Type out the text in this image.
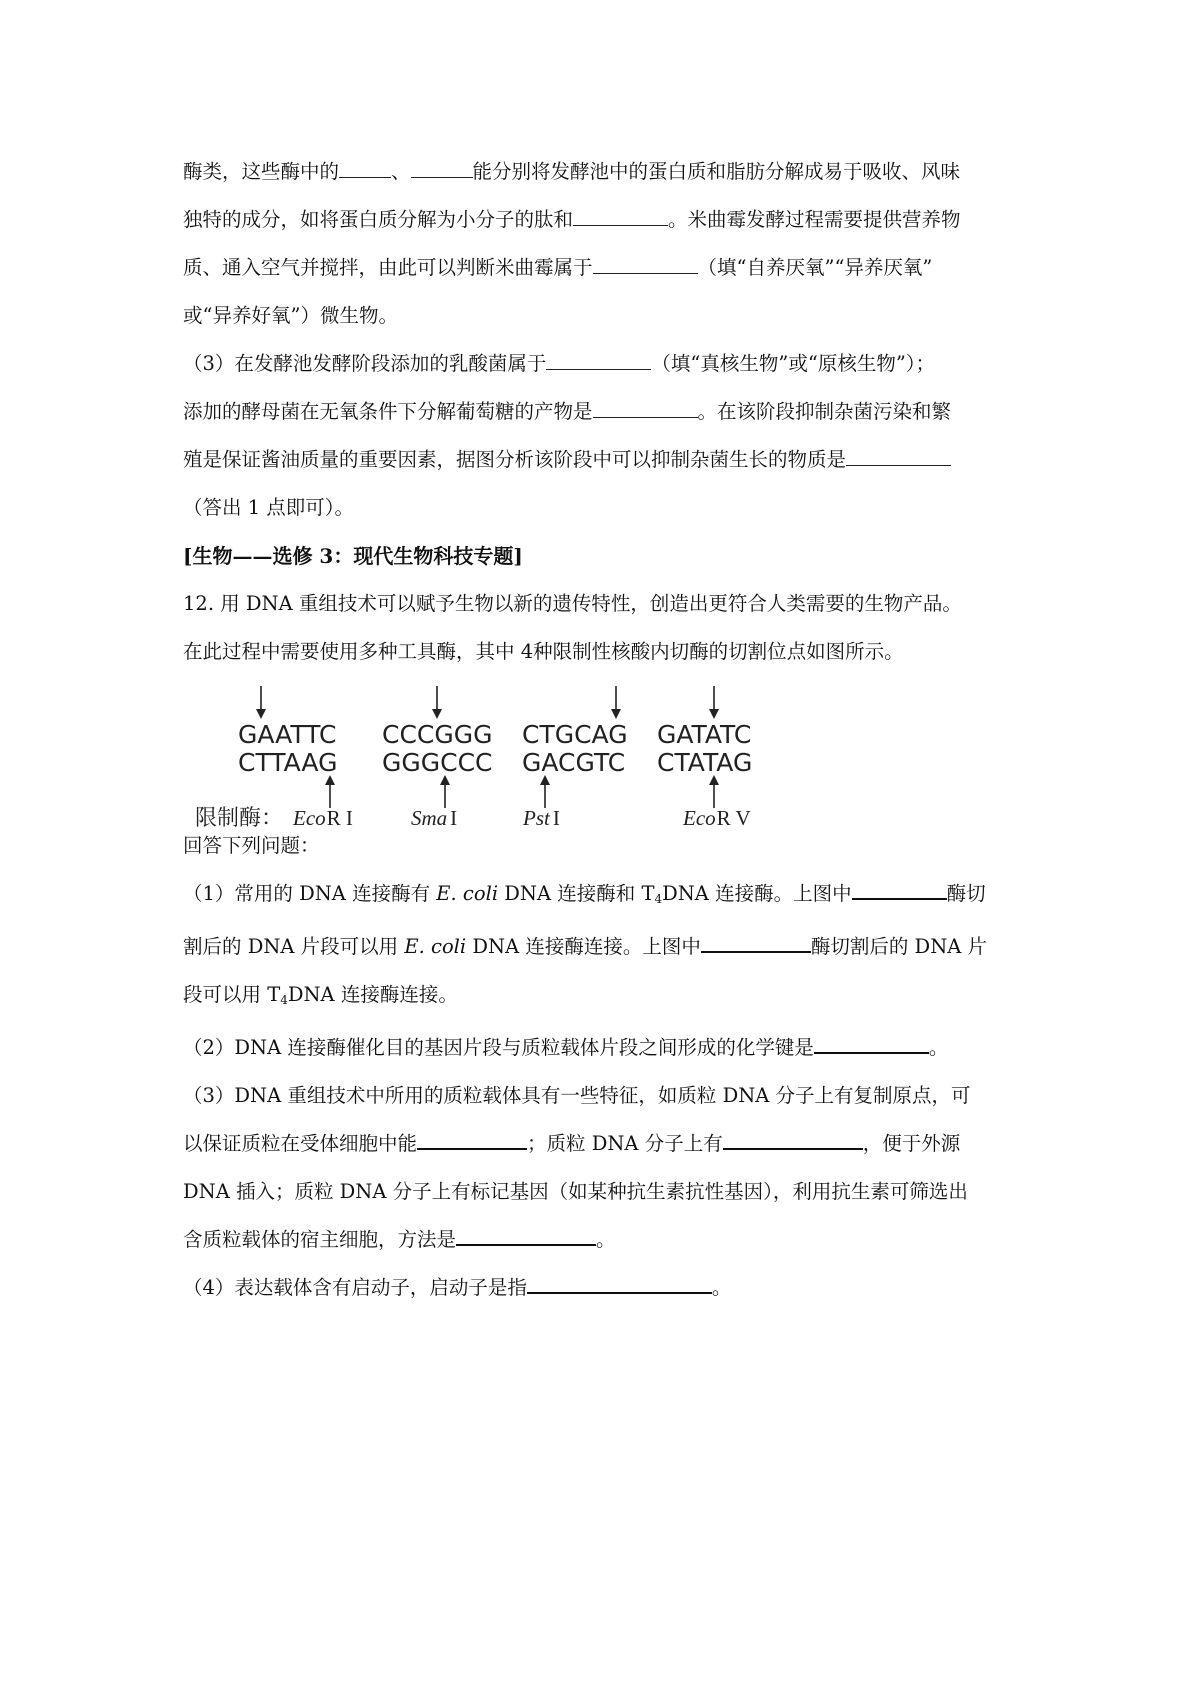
酶类，这些酶中的	、	能分别将发酵池中的蛋白质和脂肪分解成易于吸收、风味

独特的成分，如将蛋白质分解为小分子的肽和	。米曲霉发酵过程需要提供营养物

质、通入空气并搅拌，由此可以判断米曲霉属于	（填“自养厌氧”“异养厌氧”

或“异养好氧”）微生物。

（3）在发酵池发酵阶段添加的乳酸菌属于	（填“真核生物”或“原核生物”）；

添加的酵母菌在无氧条件下分解葡萄糖的产物是	。在该阶段抑制杂菌污染和繁

殖是保证酱油质量的重要因素，据图分析该阶段中可以抑制杂菌生长的物质是

（答出 1 点即可）。

[生物——选修 3：现代生物科技专题]

12. 用 DNA 重组技术可以赋予生物以新的遗传特性，创造出更符合人类需要的生物产品。

在此过程中需要使用多种工具酶，其中 4种限制性核酸内切酶的切割位点如图所示。

GAATTC
CTTAAG
CCCGGG
GGGCCC
CTGCAG
GACGTC
GATATC
CTATAG
限制酶： EcoR I	Sma I	Pst I	EcoR V

回答下列问题：

（1）常用的 DNA 连接酶有 E. coli DNA 连接酶和 $T_4DNA$ 连接酶。上图中	酶切

割后的 DNA 片段可以用 E. coli DNA 连接酶连接。上图中	酶切割后的 DNA 片

段可以用 $T_4DNA$ 连接酶连接。

（2）DNA 连接酶催化目的基因片段与质粒载体片段之间形成的化学键是	。

（3）DNA 重组技术中所用的质粒载体具有一些特征，如质粒 DNA 分子上有复制原点，可

以保证质粒在受体细胞中能	；质粒 DNA 分子上有	，便于外源

DNA 插入；质粒 DNA 分子上有标记基因（如某种抗生素抗性基因），利用抗生素可筛选出

含质粒载体的宿主细胞，方法是	。

（4）表达载体含有启动子，启动子是指	。
